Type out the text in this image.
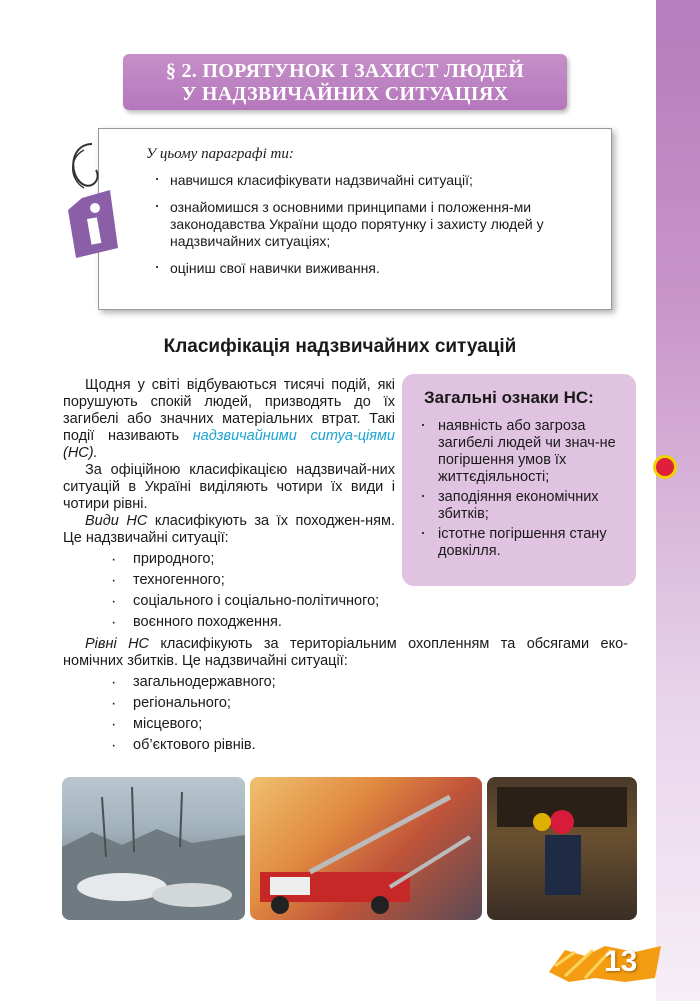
§ 2. ПОРЯТУНОК І ЗАХИСТ ЛЮДЕЙ
У НАДЗВИЧАЙНИХ СИТУАЦІЯХ
У цьому параграфі ти:
· навчишся класифікувати надзвичайні ситуації;
· ознайомишся з основними принципами і положення-ми законодавства України щодо порятунку і захисту людей у надзвичайних ситуаціях;
· оціниш свої навички виживання.
Класифікація надзвичайних ситуацій

Щодня у світі відбуваються тисячі подій, які порушують спокій людей, призводять до їх загибелі або значних матеріальних втрат. Такі події називають надзвичайними ситуа-ціями (НС).

За офіційною класифікацією надзвичай-них ситуацій в Україні виділяють чотири їх види і чотири рівні.

Види НС класифікують за їх походжен-ням. Це надзвичайні ситуації:

· природного;
· техногенного;
· соціального і соціально-політичного;
· воєнного походження.

Рівні НС класифікують за територіальним охопленням та обсягами еко-номічних збитків. Це надзвичайні ситуації:

· загальнодержавного;
· регіонального;
· місцевого;
· об’єктового рівнів.
Загальні ознаки НС:
· наявність або загроза загибелі людей чи знач-не погіршення умов їх життєдіяльності;
· заподіяння економічних збитків;
· істотне погіршення стану довкілля.
13
